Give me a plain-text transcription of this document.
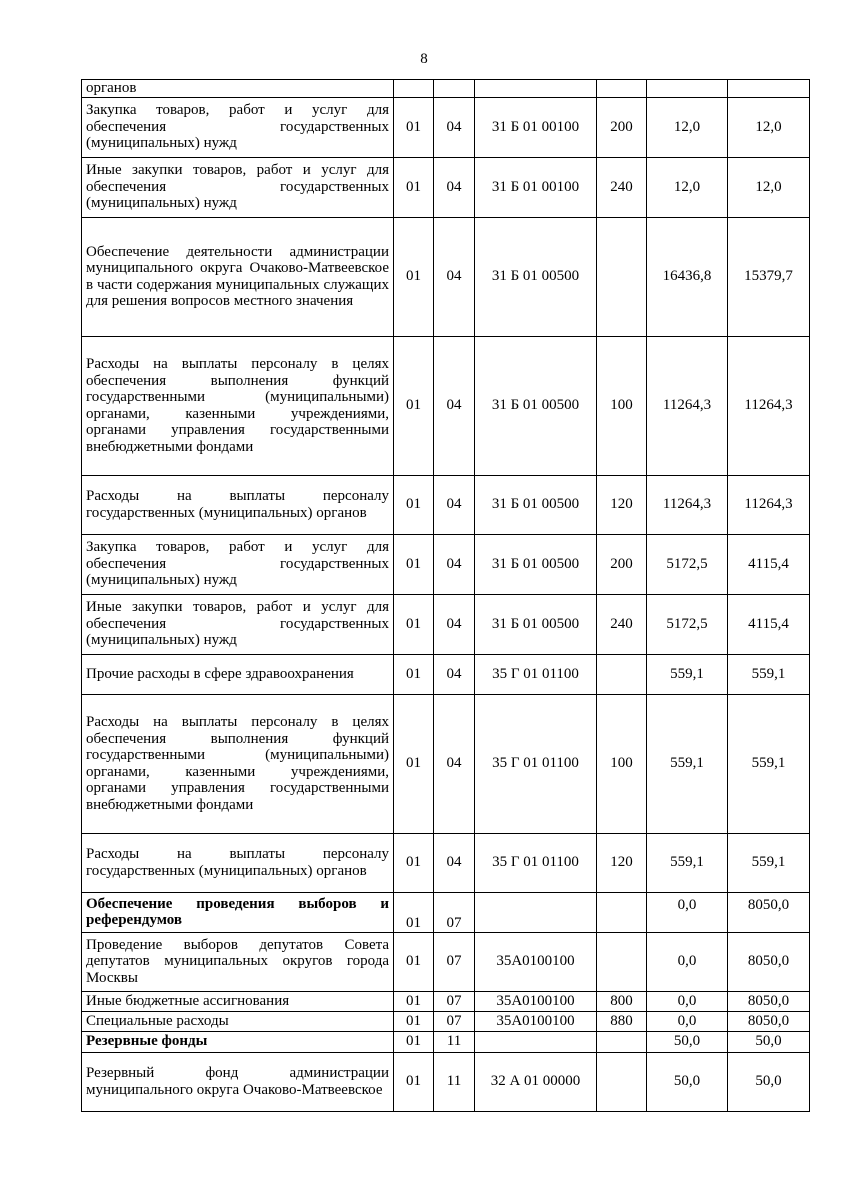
8
органов						
Закупка товаров, работ и услуг для обеспечения государственных (муниципальных) нужд	01	04	31 Б 01 00100	200	12,0	12,0
Иные закупки товаров, работ и услуг для обеспечения государственных (муниципальных) нужд	01	04	31 Б 01 00100	240	12,0	12,0
Обеспечение деятельности администрации муниципального округа Очаково-Матвеевское в части содержания муниципальных служащих для решения вопросов местного значения	01	04	31 Б 01 00500		16436,8	15379,7
Расходы на выплаты персоналу в целях обеспечения выполнения функций государственными (муниципальными) органами, казенными учреждениями, органами управления государственными внебюджетными фондами	01	04	31 Б 01 00500	100	11264,3	11264,3
Расходы на выплаты персоналу государственных (муниципальных) органов	01	04	31 Б 01 00500	120	11264,3	11264,3
Закупка товаров, работ и услуг для обеспечения государственных (муниципальных) нужд	01	04	31 Б 01 00500	200	5172,5	4115,4
Иные закупки товаров, работ и услуг для обеспечения государственных (муниципальных) нужд	01	04	31 Б 01 00500	240	5172,5	4115,4
Прочие расходы в сфере здравоохранения	01	04	35 Г 01 01100		559,1	559,1
Расходы на выплаты персоналу в целях обеспечения выполнения функций государственными (муниципальными) органами, казенными учреждениями, органами управления государственными внебюджетными фондами	01	04	35 Г 01 01100	100	559,1	559,1
Расходы на выплаты персоналу государственных (муниципальных) органов	01	04	35 Г 01 01100	120	559,1	559,1
Обеспечение проведения выборов и референдумов	01	07			0,0	8050,0
Проведение выборов депутатов Совета депутатов муниципальных округов города Москвы	01	07	35А0100100		0,0	8050,0
Иные бюджетные ассигнования	01	07	35А0100100	800	0,0	8050,0
Специальные расходы	01	07	35А0100100	880	0,0	8050,0
Резервные фонды	01	11			50,0	50,0
Резервный фонд администрации муниципального округа Очаково-Матвеевское	01	11	32 А 01 00000		50,0	50,0
